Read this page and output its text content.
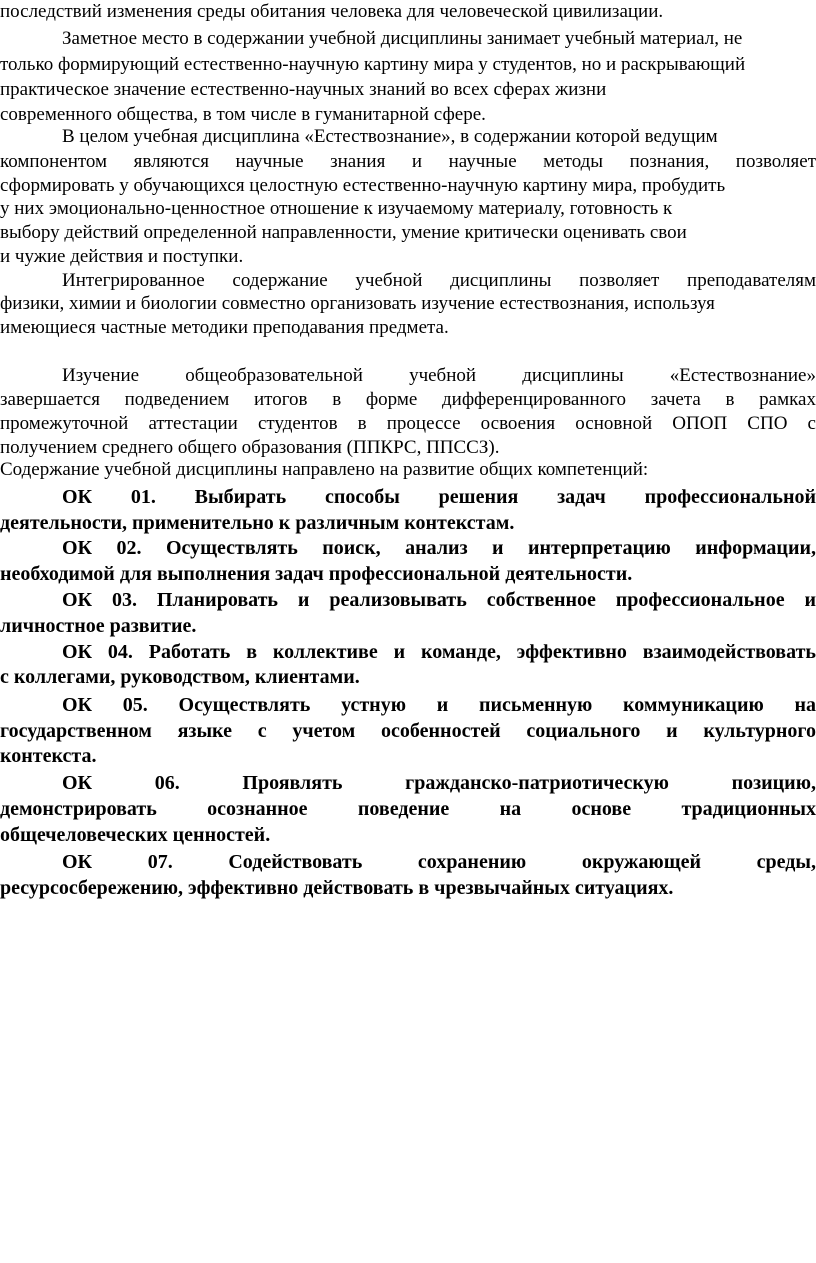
последствий изменения среды обитания человека для человеческой цивилизации.
Заметное место в содержании учебной дисциплины занимает учебный материал, не
только формирующий естественно-научную картину мира у студентов, но и раскрывающий
практическое значение естественно-научных знаний во всех сферах жизни
современного общества, в том числе в гуманитарной сфере.
В целом учебная дисциплина «Естествознание», в содержании которой ведущим
компонентом являются научные знания и научные методы познания, позволяет
сформировать у обучающихся целостную естественно-научную картину мира, пробудить
у них эмоционально-ценностное отношение к изучаемому материалу, готовность к
выбору действий определенной направленности, умение критически оценивать свои
и чужие действия и поступки.
Интегрированное содержание учебной дисциплины позволяет преподавателям
физики, химии и биологии совместно организовать изучение естествознания, используя
имеющиеся частные методики преподавания предмета.
Изучение общеобразовательной учебной дисциплины «Естествознание»
завершается подведением итогов в форме дифференцированного зачета в рамках
промежуточной аттестации студентов в процессе освоения основной ОПОП СПО с
получением среднего общего образования (ППКРС, ППССЗ).
Содержание учебной дисциплины направлено на развитие общих компетенций:
ОК 01. Выбирать способы решения задач профессиональной
деятельности, применительно к различным контекстам.
ОК 02. Осуществлять поиск, анализ и интерпретацию информации,
необходимой для выполнения задач профессиональной деятельности.
ОК 03. Планировать и реализовывать собственное профессиональное и
личностное развитие.
ОК 04. Работать в коллективе и команде, эффективно взаимодействовать
с коллегами, руководством, клиентами.
ОК 05. Осуществлять устную и письменную коммуникацию на
государственном языке с учетом особенностей социального и культурного
контекста.
ОК 06. Проявлять гражданско-патриотическую позицию,
демонстрировать осознанное поведение на основе традиционных
общечеловеческих ценностей.
ОК 07. Содействовать сохранению окружающей среды,
ресурсосбережению, эффективно действовать в чрезвычайных ситуациях.
